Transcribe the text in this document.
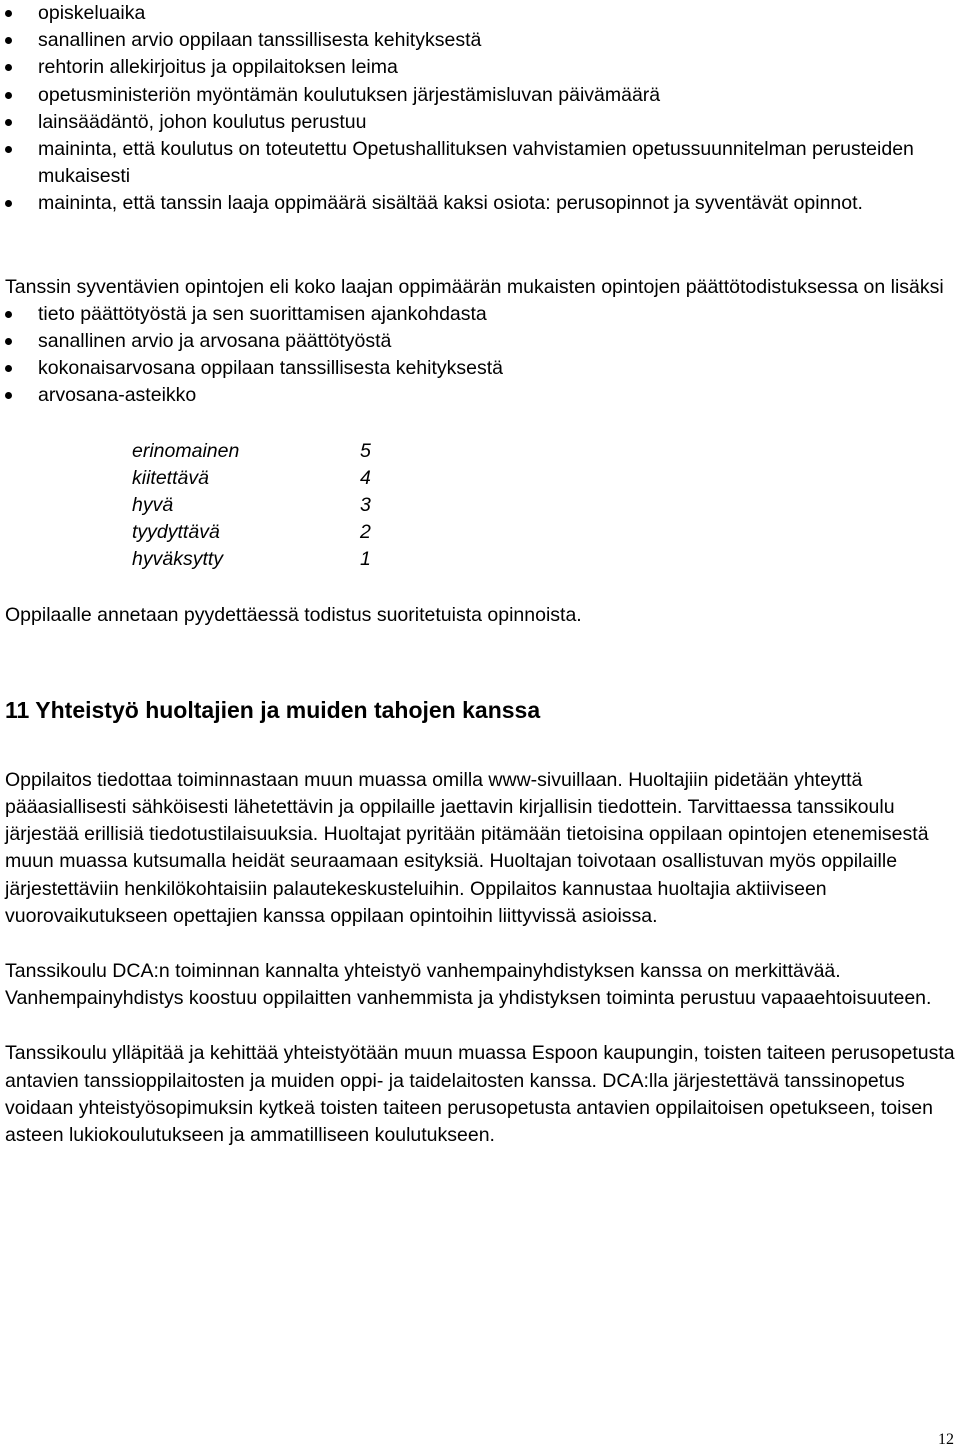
opiskeluaika
sanallinen arvio oppilaan tanssillisesta kehityksestä
rehtorin allekirjoitus ja oppilaitoksen leima
opetusministeriön myöntämän koulutuksen järjestämisluvan päivämäärä
lainsäädäntö, johon koulutus perustuu
maininta, että koulutus on toteutettu Opetushallituksen vahvistamien opetussuunnitelman perusteiden mukaisesti
maininta, että tanssin laaja oppimäärä sisältää kaksi osiota: perusopinnot ja syventävät opinnot.

Tanssin syventävien opintojen eli koko laajan oppimäärän mukaisten opintojen päättötodistuksessa on lisäksi

tieto päättötyöstä ja sen suorittamisen ajankohdasta
sanallinen arvio ja arvosana päättötyöstä
kokonaisarvosana oppilaan tanssillisesta kehityksestä
arvosana-asteikko
erinomainen	5
kiitettävä	4
hyvä	3
tyydyttävä	2
hyväksytty	1

Oppilaalle annetaan pyydettäessä todistus suoritetuista opinnoista.

11 Yhteistyö huoltajien ja muiden tahojen kanssa

Oppilaitos tiedottaa toiminnastaan muun muassa omilla www-sivuillaan. Huoltajiin pidetään yhteyttä pääasiallisesti sähköisesti lähetettävin ja oppilaille jaettavin kirjallisin tiedottein. Tarvittaessa tanssikoulu järjestää erillisiä tiedotustilaisuuksia. Huoltajat pyritään pitämään tietoisina oppilaan opintojen etenemisestä muun muassa kutsumalla heidät seuraamaan esityksiä. Huoltajan toivotaan osallistuvan myös oppilaille järjestettäviin henkilökohtaisiin palautekeskusteluihin. Oppilaitos kannustaa huoltajia aktiiviseen vuorovaikutukseen opettajien kanssa oppilaan opintoihin liittyvissä asioissa.

Tanssikoulu DCA:n toiminnan kannalta yhteistyö vanhempainyhdistyksen kanssa on merkittävää. Vanhempainyhdistys koostuu oppilaitten vanhemmista ja yhdistyksen toiminta perustuu vapaaehtoisuuteen.

Tanssikoulu ylläpitää ja kehittää yhteistyötään muun muassa Espoon kaupungin, toisten taiteen perusopetusta antavien tanssioppilaitosten ja muiden oppi- ja taidelaitosten kanssa. DCA:lla järjestettävä tanssinopetus voidaan yhteistyösopimuksin kytkeä toisten taiteen perusopetusta antavien oppilaitoisen opetukseen, toisen asteen lukiokoulutukseen ja ammatilliseen koulutukseen.

12
